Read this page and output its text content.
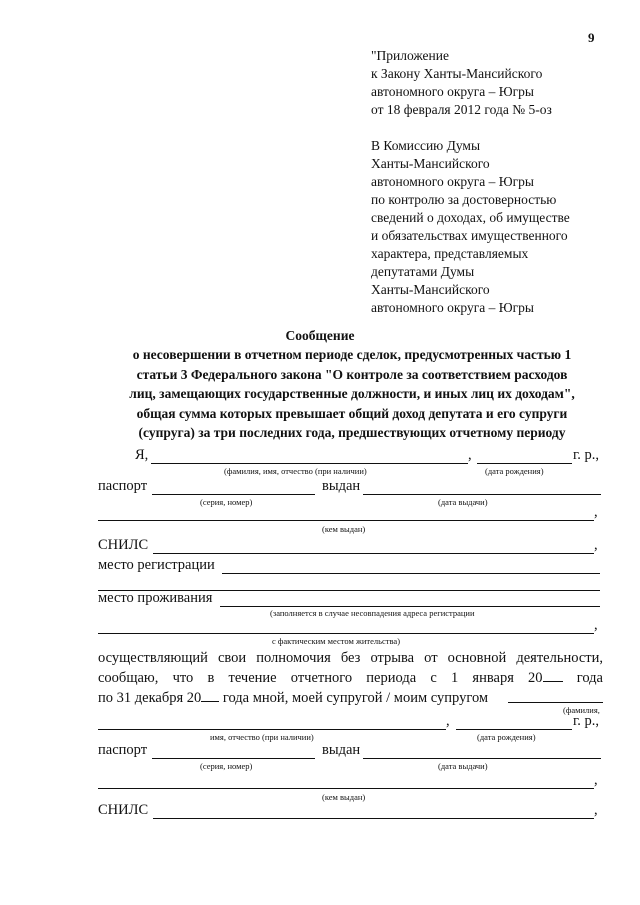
9
"Приложение
к Закону Ханты-Мансийского
автономного округа – Югры
от 18 февраля 2012 года № 5-оз
В Комиссию Думы
Ханты-Мансийского
автономного округа – Югры
по контролю за достоверностью
сведений о доходах, об имуществе
и обязательствах имущественного
характера, представляемых
депутатами Думы
Ханты-Мансийского
автономного округа – Югры
Сообщение
о несовершении в отчетном периоде сделок, предусмотренных частью 1
статьи 3 Федерального закона "О контроле за соответствием расходов
лиц, замещающих государственные должности, и иных лиц их доходам",
общая сумма которых превышает общий доход депутата и его супруги
(супруга) за три последних года, предшествующих отчетному периоду
Я,	,	г. р.,
(фамилия, имя, отчество (при наличии)	(дата рождения)
паспорт	выдан
(серия, номер)	(дата выдачи)
,
(кем выдан)
СНИЛС	,
место регистрации
место проживания
(заполняется в случае несовпадения адреса регистрации
,
с фактическим местом жительства)
осуществляющий свои полномочия без отрыва от основной деятельности,
сообщаю, что в течение отчетного периода с 1 января 20 года
по 31 декабря 20 года мной, моей супругой / моим супругом
(фамилия,
,	г. р.,
имя, отчество (при наличии)	(дата рождения)
паспорт	выдан
(серия, номер)	(дата выдачи)
,
(кем выдан)
СНИЛС	,
